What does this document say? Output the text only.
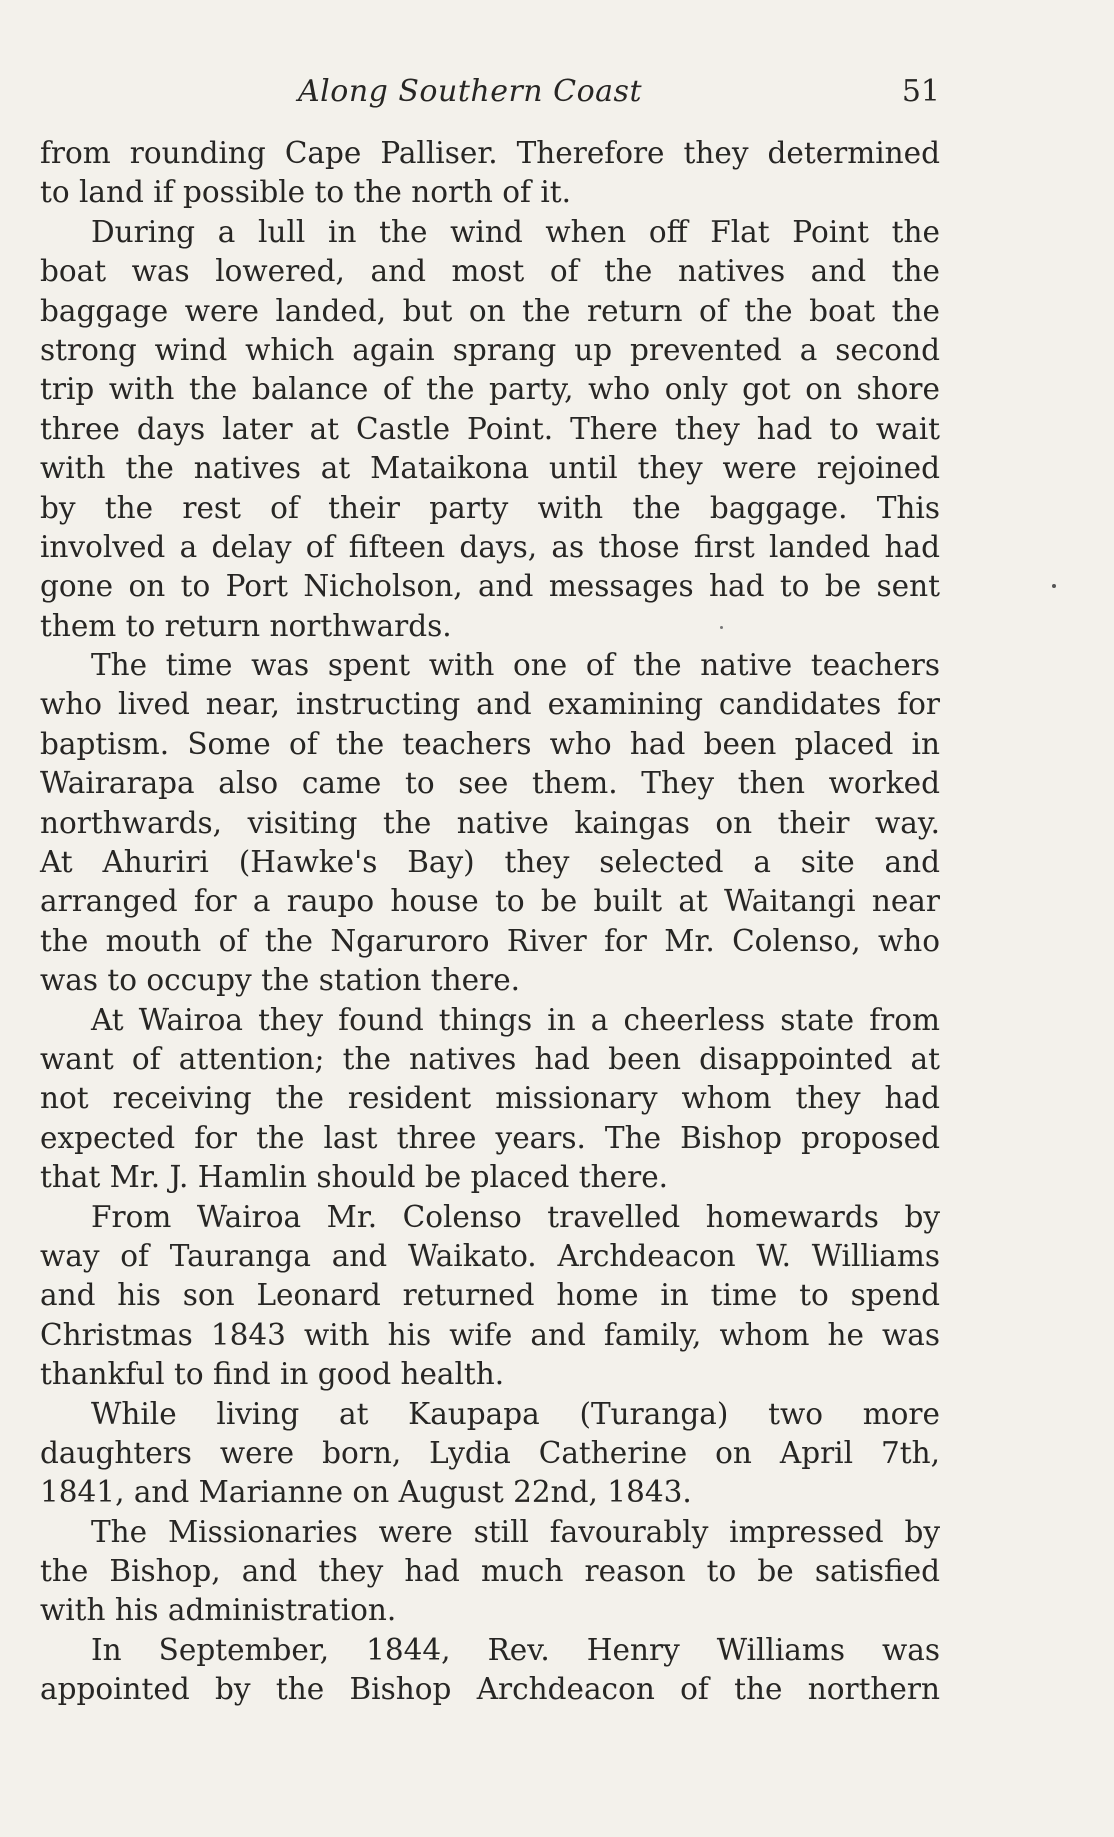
Along Southern Coast	51
from rounding Cape Palliser. Therefore they determined
to land if possible to the north of it.
During a lull in the wind when off Flat Point the
boat was lowered, and most of the natives and the
baggage were landed, but on the return of the boat the
strong wind which again sprang up prevented a second
trip with the balance of the party, who only got on shore
three days later at Castle Point. There they had to wait
with the natives at Mataikona until they were rejoined
by the rest of their party with the baggage. This
involved a delay of fifteen days, as those first landed had
gone on to Port Nicholson, and messages had to be sent
them to return northwards.
The time was spent with one of the native teachers
who lived near, instructing and examining candidates for
baptism. Some of the teachers who had been placed in
Wairarapa also came to see them. They then worked
northwards, visiting the native kaingas on their way.
At Ahuriri (Hawke's Bay) they selected a site and
arranged for a raupo house to be built at Waitangi near
the mouth of the Ngaruroro River for Mr. Colenso, who
was to occupy the station there.
At Wairoa they found things in a cheerless state from
want of attention; the natives had been disappointed at
not receiving the resident missionary whom they had
expected for the last three years. The Bishop proposed
that Mr. J. Hamlin should be placed there.
From Wairoa Mr. Colenso travelled homewards by
way of Tauranga and Waikato. Archdeacon W. Williams
and his son Leonard returned home in time to spend
Christmas 1843 with his wife and family, whom he was
thankful to find in good health.
While living at Kaupapa (Turanga) two more
daughters were born, Lydia Catherine on April 7th,
1841, and Marianne on August 22nd, 1843.
The Missionaries were still favourably impressed by
the Bishop, and they had much reason to be satisfied
with his administration.
In September, 1844, Rev. Henry Williams was
appointed by the Bishop Archdeacon of the northern
